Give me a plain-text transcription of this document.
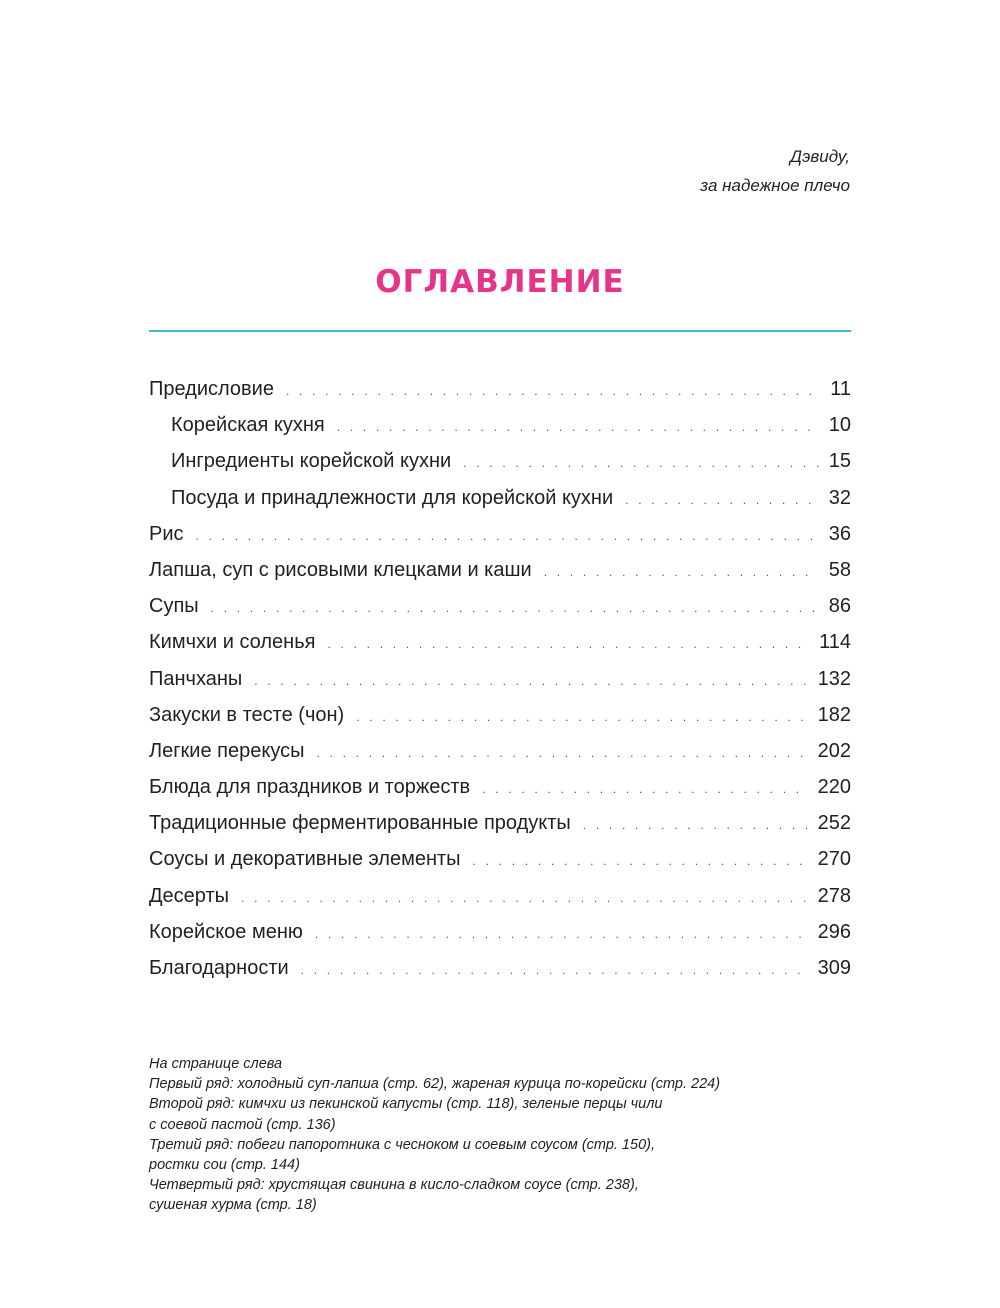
Дэвиду,
за надежное плечо
ОГЛАВЛЕНИЕ
Предисловие . . .	11
Корейская кухня . . .	10
Ингредиенты корейской кухни . . .	15
Посуда и принадлежности для корейской кухни . . .	32
Рис . . .	36
Лапша, суп с рисовыми клецками и каши . . .	58
Супы . . .	86
Кимчхи и соленья . . .	114
Панчханы . . .	132
Закуски в тесте (чон) . . .	182
Легкие перекусы . . .	202
Блюда для праздников и торжеств . . .	220
Традиционные ферментированные продукты . . .	252
Соусы и декоративные элементы . . .	270
Десерты . . .	278
Корейское меню . . .	296
Благодарности . . .	309
На странице слева
Первый ряд: холодный суп-лапша (стр. 62), жареная курица по-корейски (стр. 224)
Второй ряд: кимчхи из пекинской капусты (стр. 118), зеленые перцы чили
с соевой пастой (стр. 136)
Третий ряд: побеги папоротника с чесноком и соевым соусом (стр. 150),
ростки сои (стр. 144)
Четвертый ряд: хрустящая свинина в кисло-сладком соусе (стр. 238),
сушеная хурма (стр. 18)
